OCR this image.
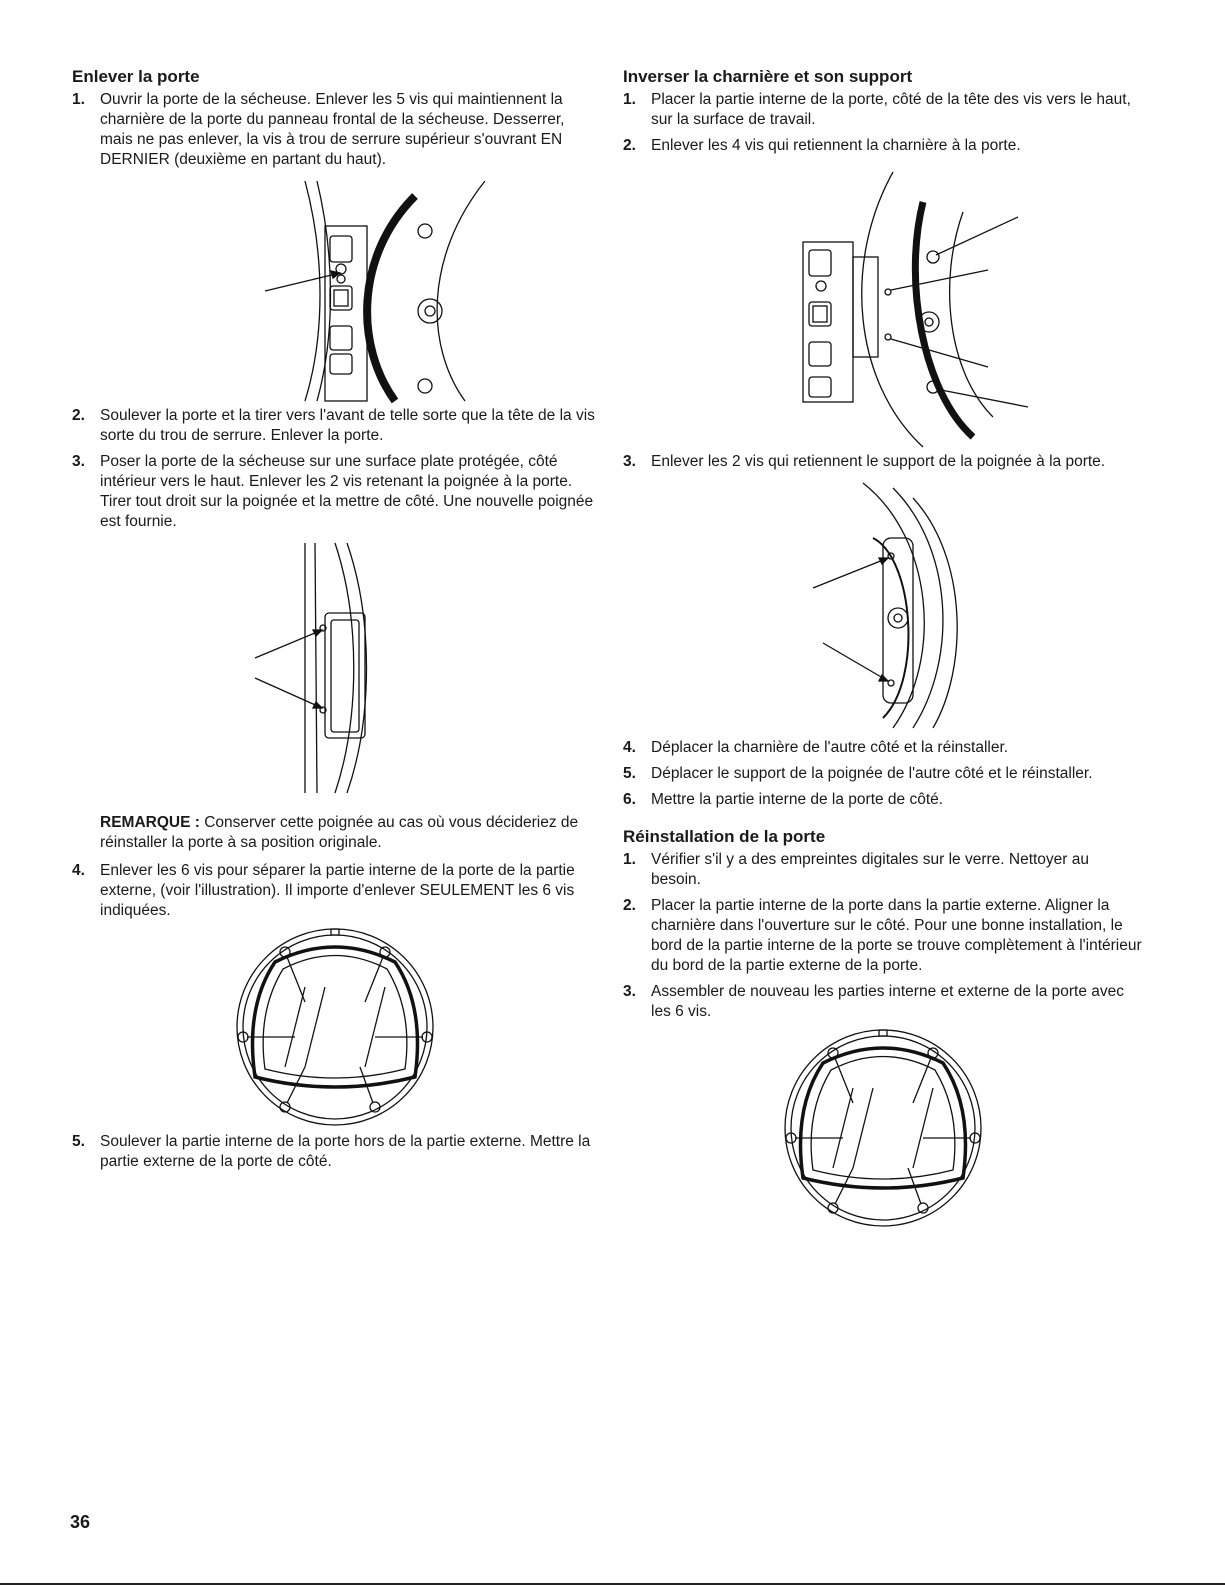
Enlever la porte
1. Ouvrir la porte de la sécheuse. Enlever les 5 vis qui maintiennent la charnière de la porte du panneau frontal de la sécheuse. Desserrer, mais ne pas enlever, la vis à trou de serrure supérieur s'ouvrant EN DERNIER (deuxième en partant du haut).
2. Soulever la porte et la tirer vers l'avant de telle sorte que la tête de la vis sorte du trou de serrure. Enlever la porte.
3. Poser la porte de la sécheuse sur une surface plate protégée, côté intérieur vers le haut. Enlever les 2 vis retenant la poignée à la porte. Tirer tout droit sur la poignée et la mettre de côté. Une nouvelle poignée est fournie.
REMARQUE : Conserver cette poignée au cas où vous décideriez de réinstaller la porte à sa position originale.
4. Enlever les 6 vis pour séparer la partie interne de la porte de la partie externe, (voir l'illustration). Il importe d'enlever SEULEMENT les 6 vis indiquées.
5. Soulever la partie interne de la porte hors de la partie externe. Mettre la partie externe de la porte de côté.
Inverser la charnière et son support
1. Placer la partie interne de la porte, côté de la tête des vis vers le haut, sur la surface de travail.
2. Enlever les 4 vis qui retiennent la charnière à la porte.
3. Enlever les 2 vis qui retiennent le support de la poignée à la porte.
4. Déplacer la charnière de l'autre côté et la réinstaller.
5. Déplacer le support de la poignée de l'autre côté et le réinstaller.
6. Mettre la partie interne de la porte de côté.
Réinstallation de la porte
1. Vérifier s'il y a des empreintes digitales sur le verre. Nettoyer au besoin.
2. Placer la partie interne de la porte dans la partie externe. Aligner la charnière dans l'ouverture sur le côté. Pour une bonne installation, le bord de la partie interne de la porte se trouve complètement à l'intérieur du bord de la partie externe de la porte.
3. Assembler de nouveau les parties interne et externe de la porte avec les 6 vis.
36
